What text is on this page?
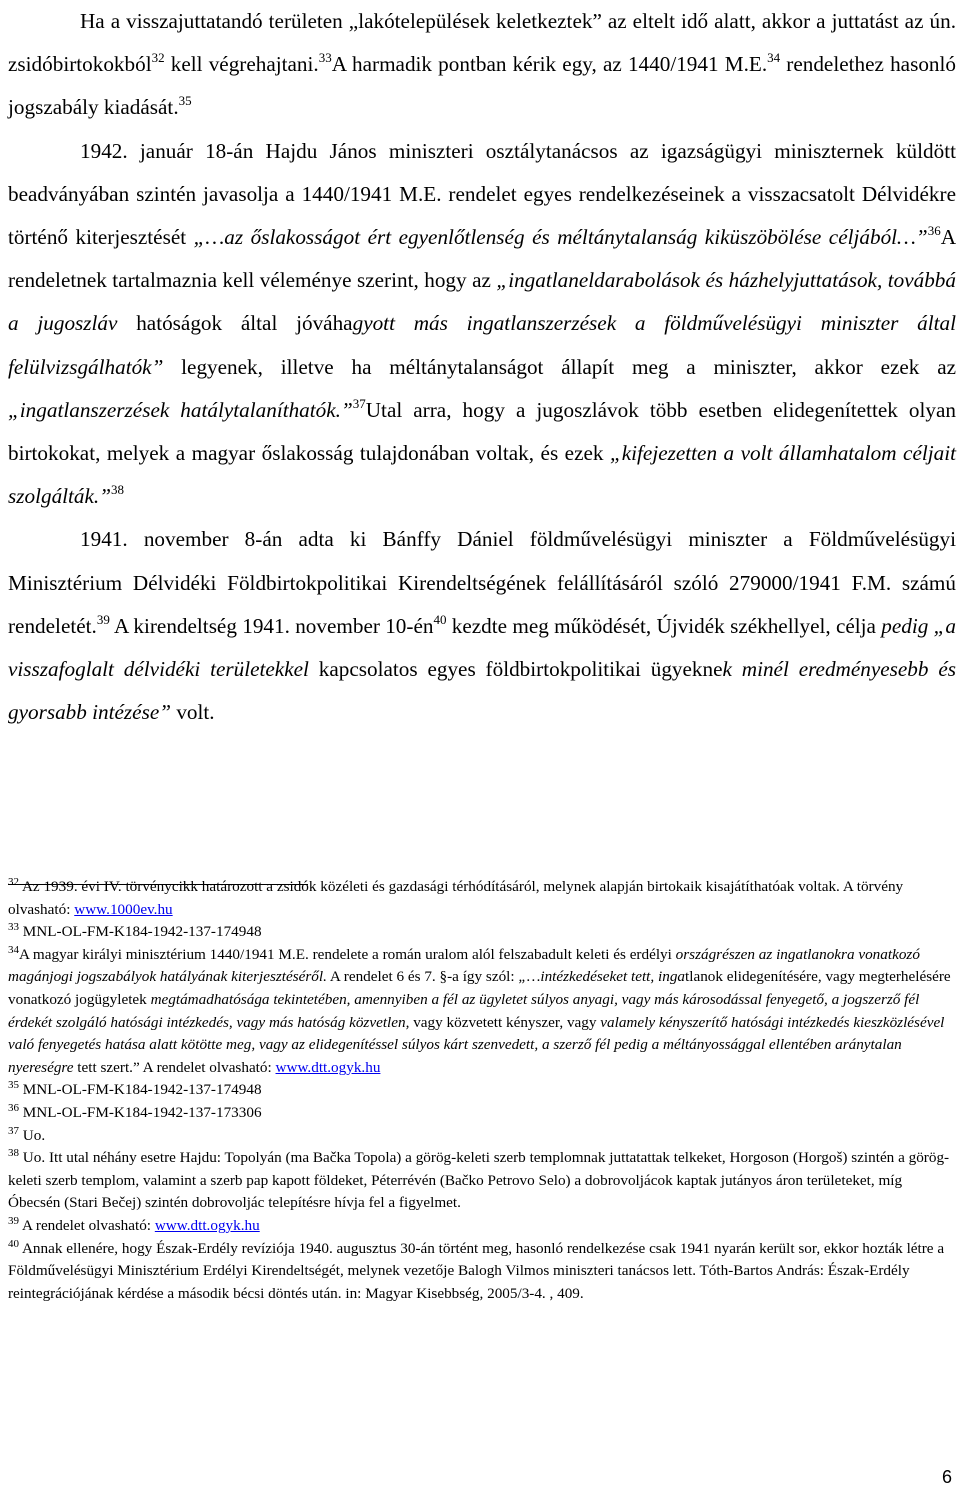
Ha a visszajuttatandó területen „lakótelepülések keletkeztek” az eltelt idő alatt, akkor a juttatást az ún. zsidóbirtokokból$^{32}$ kell végrehajtani.$^{33}$A harmadik pontban kérik egy, az 1440/1941 M.E.$^{34}$ rendelethez hasonló jogszabály kiadását.$^{35}$

1942. január 18-án Hajdu János miniszteri osztálytanácsos az igazságügyi miniszternek küldött beadványában szintén javasolja a 1440/1941 M.E. rendelet egyes rendelkezéseinek a visszacsatolt Délvidékre történő kiterjesztését „…az őslakosságot ért egyenlőtlenség és méltánytalanság kiküszöbölése céljából…”$^{36}$A rendeletnek tartalmaznia kell véleménye szerint, hogy az „ingatlaneldarabolások és házhelyjuttatások, továbbá a jugoszláv hatóságok által jóváhagyott más ingatlanszerzések a földművelésügyi miniszter által felülvizsgálhatók” legyenek, illetve ha méltánytalanságot állapít meg a miniszter, akkor ezek az „ingatlanszerzések hatálytalaníthatók.”$^{37}$Utal arra, hogy a jugoszlávok több esetben elidegenítettek olyan birtokokat, melyek a magyar őslakosság tulajdonában voltak, és ezek „kifejezetten a volt államhatalom céljait szolgálták.”$^{38}$

1941. november 8-án adta ki Bánffy Dániel földművelésügyi miniszter a Földművelésügyi Minisztérium Délvidéki Földbirtokpolitikai Kirendeltségének felállításáról szóló 279000/1941 F.M. számú rendeletét.$^{39}$ A kirendeltség 1941. november $10-én^{40}$ kezdte meg működését, Újvidék székhellyel, célja pedig „a visszafoglalt délvidéki területekkel kapcsolatos egyes földbirtokpolitikai ügyeknek minél eredményesebb és gyorsabb intézése” volt.

$^{32}$ Az 1939. évi IV. törvénycikk határozott a zsidók közéleti és gazdasági térhódításáról, melynek alapján birtokaik kisajátíthatóak voltak. A törvény olvasható: www.1000ev.hu

$^{33}$ MNL-OL-FM-K184-1942-137-174948

$^{34}$A magyar királyi minisztérium 1440/1941 M.E. rendelete a román uralom alól felszabadult keleti és erdélyi országrészen az ingatlanokra vonatkozó magánjogi jogszabályok hatályának kiterjesztéséről. A rendelet 6 és 7. §-a így szól: „…intézkedéseket tett, ingatlanok elidegenítésére, vagy megterhelésére vonatkozó jogügyletek megtámadhatósága tekintetében, amennyiben a fél az ügyletet súlyos anyagi, vagy más károsodással fenyegető, a jogszerző fél érdekét szolgáló hatósági intézkedés, vagy más hatóság közvetlen, vagy közvetett kényszer, vagy valamely kényszerítő hatósági intézkedés kieszközlésével való fenyegetés hatása alatt kötötte meg, vagy az elidegenítéssel súlyos kárt szenvedett, a szerző fél pedig a méltányossággal ellentében aránytalan nyereségre tett szert.” A rendelet olvasható: www.dtt.ogyk.hu

$^{35}$ MNL-OL-FM-K184-1942-137-174948

$^{36}$ MNL-OL-FM-K184-1942-137-173306

$^{37}$ Uo.

$^{38}$ Uo. Itt utal néhány esetre Hajdu: Topolyán (ma Bačka Topola) a görög-keleti szerb templomnak juttatattak telkeket, Horgoson (Horgoš) szintén a görög-keleti szerb templom, valamint a szerb pap kapott földeket, Péterrévén (Bačko Petrovo Selo) a dobrovoljácok kaptak jutányos áron területeket, míg Óbecsén (Stari Bečej) szintén dobrovoljác telepítésre hívja fel a figyelmet.

$^{39}$ A rendelet olvasható: www.dtt.ogyk.hu

$^{40}$ Annak ellenére, hogy Észak-Erdély revíziója 1940. augusztus 30-án történt meg, hasonló rendelkezése csak 1941 nyarán került sor, ekkor hozták létre a Földművelésügyi Minisztérium Erdélyi Kirendeltségét, melynek vezetője Balogh Vilmos miniszteri tanácsos lett. Tóth-Bartos András: Észak-Erdély reintegrációjának kérdése a második bécsi döntés után. in: Magyar Kisebbség, 2005/3-4. , 409.

6
